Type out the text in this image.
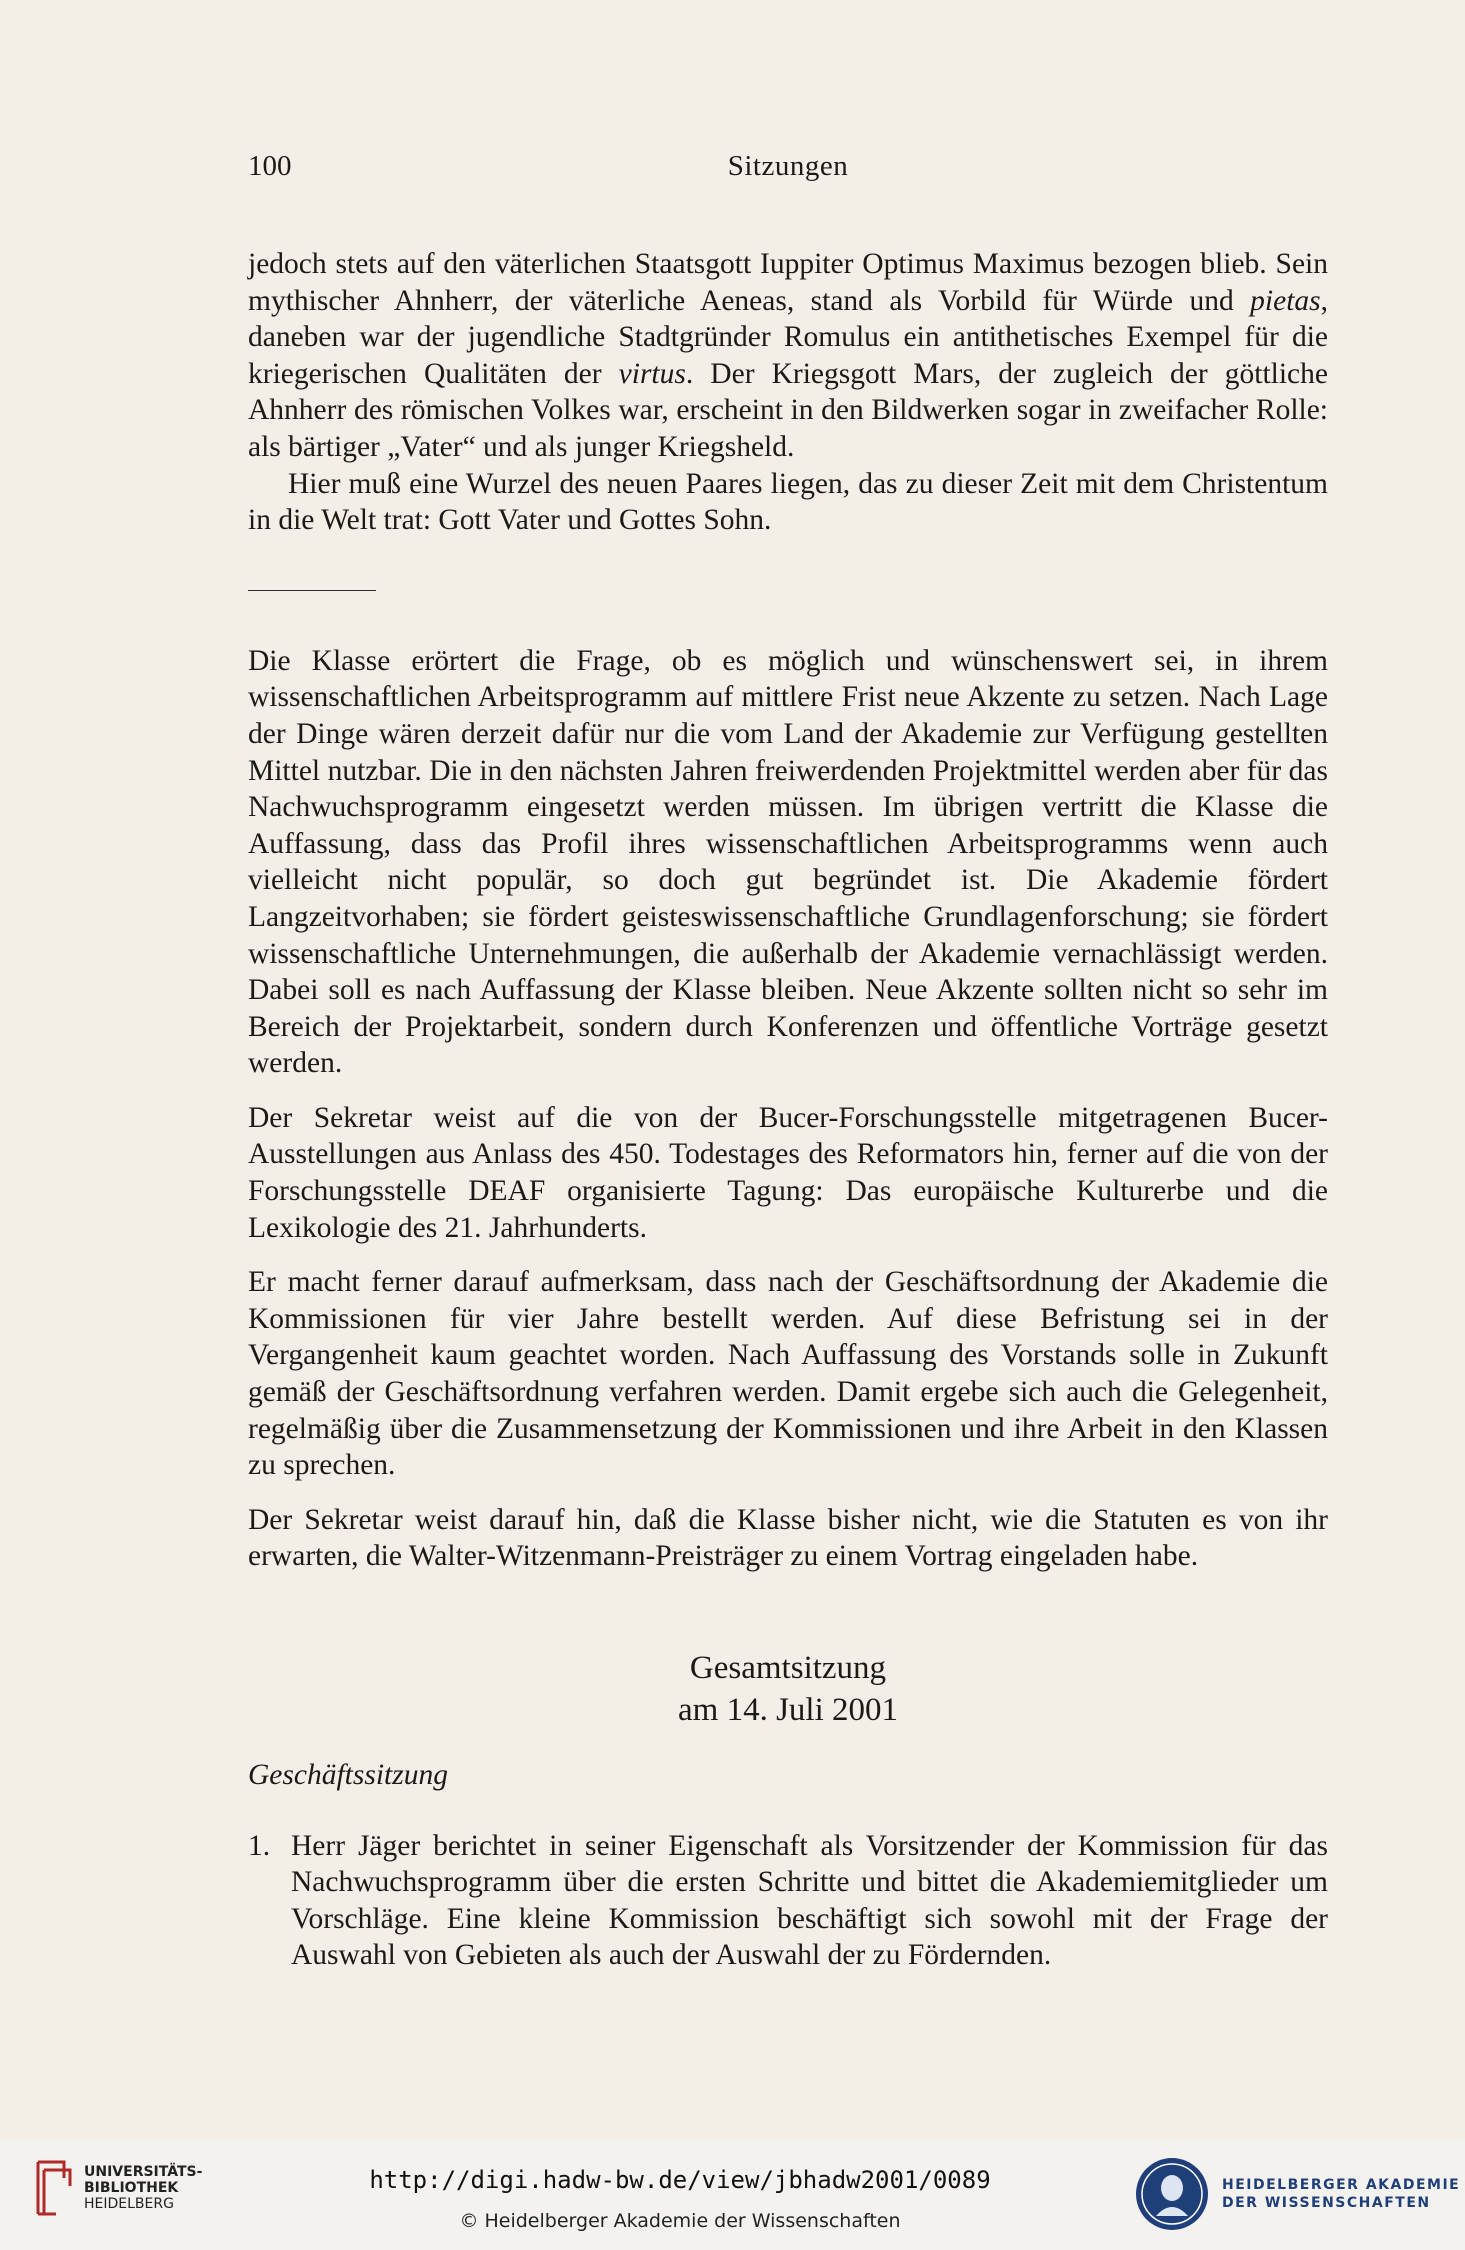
100	Sitzungen

jedoch stets auf den väterlichen Staatsgott Iuppiter Optimus Maximus bezogen blieb. Sein mythischer Ahnherr, der väterliche Aeneas, stand als Vorbild für Würde und pietas, daneben war der jugendliche Stadtgründer Romulus ein antithetisches Exempel für die kriegerischen Qualitäten der virtus. Der Kriegsgott Mars, der zugleich der göttliche Ahnherr des römischen Volkes war, erscheint in den Bildwerken sogar in zweifacher Rolle: als bärtiger „Vater“ und als junger Kriegsheld.

Hier muß eine Wurzel des neuen Paares liegen, das zu dieser Zeit mit dem Christentum in die Welt trat: Gott Vater und Gottes Sohn.

Die Klasse erörtert die Frage, ob es möglich und wünschenswert sei, in ihrem wissenschaftlichen Arbeitsprogramm auf mittlere Frist neue Akzente zu setzen. Nach Lage der Dinge wären derzeit dafür nur die vom Land der Akademie zur Verfügung gestellten Mittel nutzbar. Die in den nächsten Jahren freiwerdenden Projektmittel werden aber für das Nachwuchsprogramm eingesetzt werden müssen. Im übrigen vertritt die Klasse die Auffassung, dass das Profil ihres wissenschaftlichen Arbeitsprogramms wenn auch vielleicht nicht populär, so doch gut begründet ist. Die Akademie fördert Langzeitvorhaben; sie fördert geisteswissenschaftliche Grundlagenforschung; sie fördert wissenschaftliche Unternehmungen, die außerhalb der Akademie vernachlässigt werden. Dabei soll es nach Auffassung der Klasse bleiben. Neue Akzente sollten nicht so sehr im Bereich der Projektarbeit, sondern durch Konferenzen und öffentliche Vorträge gesetzt werden.

Der Sekretar weist auf die von der Bucer-Forschungsstelle mitgetragenen Bucer-Ausstellungen aus Anlass des 450. Todestages des Reformators hin, ferner auf die von der Forschungsstelle DEAF organisierte Tagung: Das europäische Kulturerbe und die Lexikologie des 21. Jahrhunderts.

Er macht ferner darauf aufmerksam, dass nach der Geschäftsordnung der Akademie die Kommissionen für vier Jahre bestellt werden. Auf diese Befristung sei in der Vergangenheit kaum geachtet worden. Nach Auffassung des Vorstands solle in Zukunft gemäß der Geschäftsordnung verfahren werden. Damit ergebe sich auch die Gelegenheit, regelmäßig über die Zusammensetzung der Kommissionen und ihre Arbeit in den Klassen zu sprechen.

Der Sekretar weist darauf hin, daß die Klasse bisher nicht, wie die Statuten es von ihr erwarten, die Walter-Witzenmann-Preisträger zu einem Vortrag eingeladen habe.

Gesamtsitzung
am 14. Juli 2001
Geschäftssitzung
1. Herr Jäger berichtet in seiner Eigenschaft als Vorsitzender der Kommission für das Nachwuchsprogramm über die ersten Schritte und bittet die Akademiemitglieder um Vorschläge. Eine kleine Kommission beschäftigt sich sowohl mit der Frage der Auswahl von Gebieten als auch der Auswahl der zu Fördernden.
UNIVERSITÄTS-
BIBLIOTHEK
HEIDELBERG
http://digi.hadw-bw.de/view/jbhadw2001/0089
© Heidelberger Akademie der Wissenschaften
HEIDELBERGER AKADEMIE
DER WISSENSCHAFTEN
